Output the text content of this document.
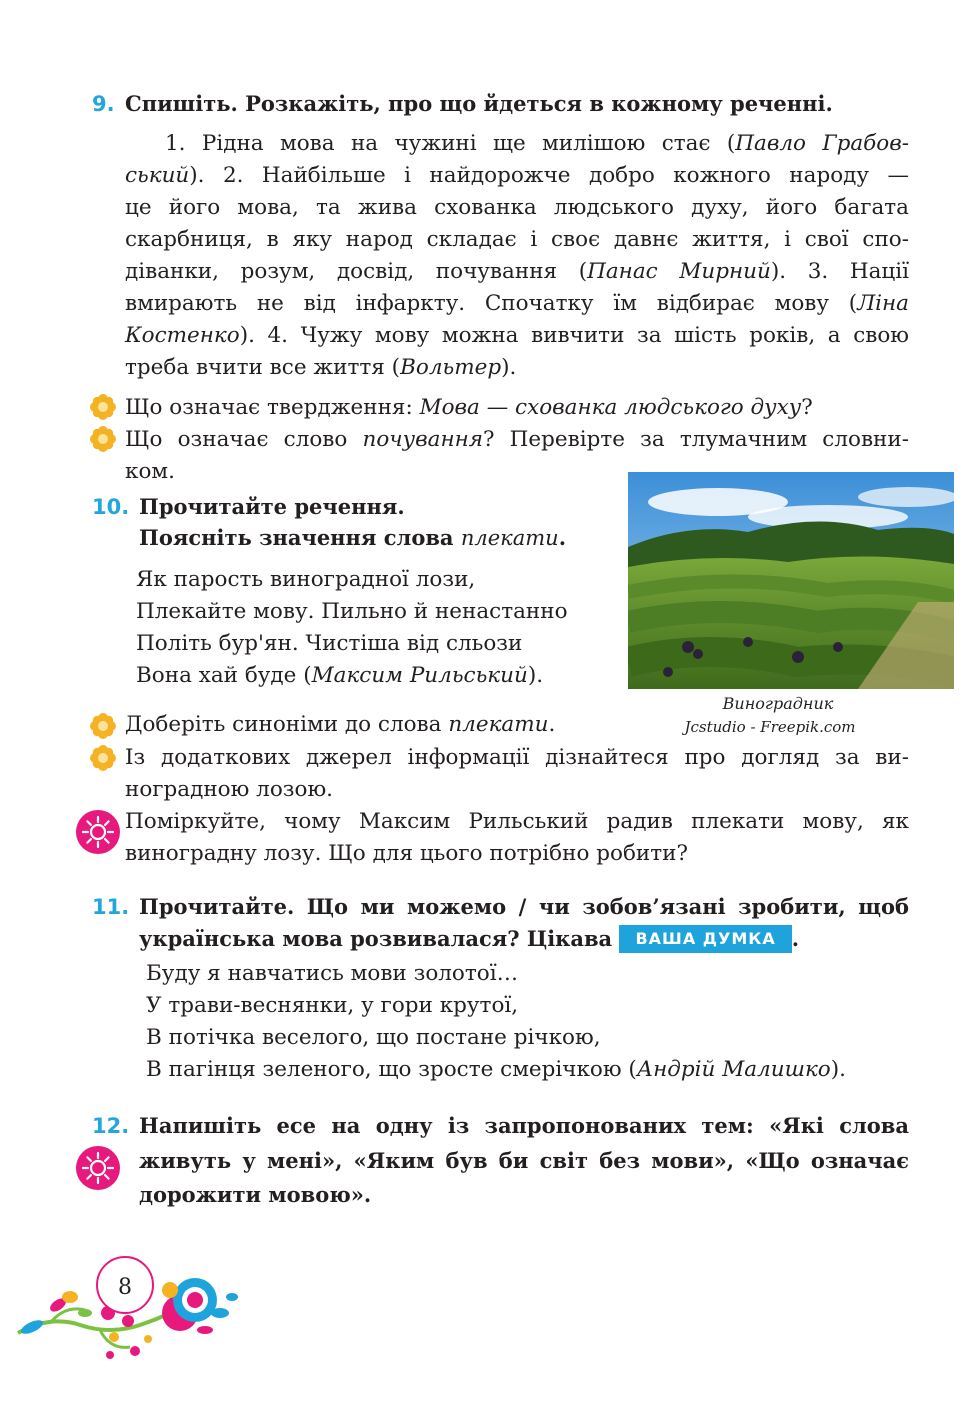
9. Спишіть. Розкажіть, про що йдеться в кожному реченні.
1. Рідна мова на чужині ще милішою стає (Павло Грабов-
ський). 2. Найбільше і найдорожче добро кожного народу —
це його мова, та жива схованка людського духу, його багата
скарбниця, в яку народ складає і своє давнє життя, і свої спо-
діванки, розум, досвід, почування (Панас Мирний). 3. Нації
вмирають не від інфаркту. Спочатку їм відбирає мову (Ліна
Костенко). 4. Чужу мову можна вивчити за шість років, а свою
треба вчити все життя (Вольтер).
Що означає твердження: Мова — схованка людського духу?
Що означає слово почування? Перевірте за тлумачним словни-
ком.
10. Прочитайте речення.
Поясніть значення слова плекати.
Як парость виноградної лози,
Плекайте мову. Пильно й ненастанно
Політь бур'ян. Чистіша від сльози
Вона хай буде (Максим Рильський).
Виноградник
Jcstudio - Freepik.com
Доберіть синоніми до слова плекати.
Із додаткових джерел інформації дізнайтеся про догляд за ви-
ноградною лозою.
Поміркуйте, чому Максим Рильський радив плекати мову, як
виноградну лозу. Що для цього потрібно робити?
11. Прочитайте. Що ми можемо / чи зобов’язані зробити, щоб
українська мова розвивалася? Цікава ВАША ДУМКА .
Буду я навчатись мови золотої…
У трави-веснянки, у гори крутої,
В потічка веселого, що постане річкою,
В пагінця зеленого, що зросте смерічкою (Андрій Малишко).
12. Напишіть есе на одну із запропонованих тем: «Які слова
живуть у мені», «Яким був би світ без мови», «Що означає
дорожити мовою».
8
